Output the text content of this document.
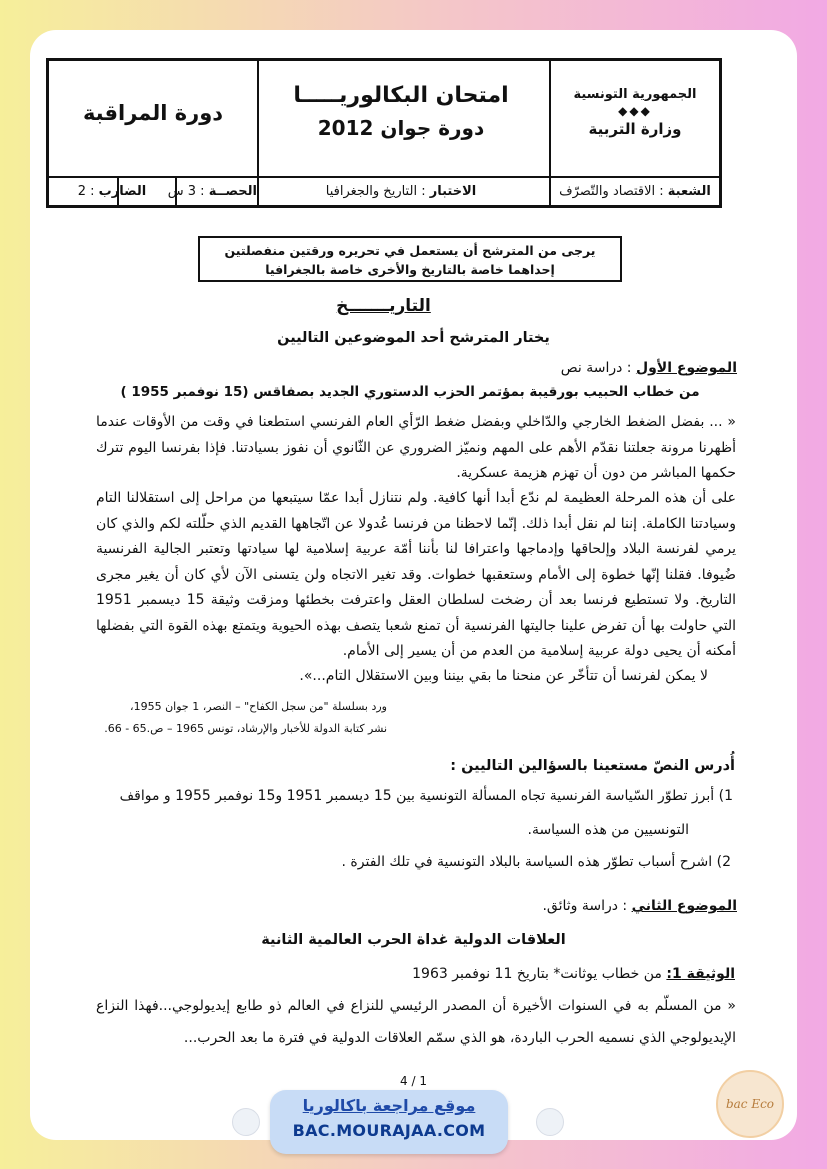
الجمهورية التونسية
◆◆◆
وزارة التربية
امتحان البكالوريـــــا
دورة جوان 2012
دورة المراقبة
الشعبة : الاقتصاد والتّصرّف
الاختبار : التاريخ والجغرافيا
الحصــة : 3 س
الضارب : 2
يرجى من المترشح أن يستعمل في تحريره ورقتين منفصلتين
إحداهما خاصة بالتاريخ والأخرى خاصة بالجغرافيا
التاريـــــــخ
يختار المترشح أحد الموضوعين التاليين
الموضوع الأول : دراسة نص
من خطاب الحبيب بورقيبة بمؤتمر الحزب الدستوري الجديد بصفاقس (15 نوفمبر 1955 )
« ... بفضل الضغط الخارجي والدّاخلي وبفضل ضغط الرّأي العام الفرنسي استطعنا في وقت من الأوقات عندما أظهرنا مرونة جعلتنا نقدّم الأهم على المهم ونميّز الضروري عن الثّانوي أن نفوز بسيادتنا. فإذا بفرنسا اليوم تترك حكمها المباشر من دون أن تهزم هزيمة عسكرية.
على أن هذه المرحلة العظيمة لم ندّع أبدا أنها كافية. ولم نتنازل أبدا عمّا سيتبعها من مراحل إلى استقلالنا التام وسيادتنا الكاملة. إننا لم نقل أبدا ذلك. إنّما لاحظنا من فرنسا عُدولا عن اتّجاهها القديم الذي حلّلته لكم والذي كان يرمي لفرنسة البلاد وإلحاقها وإدماجها واعترافا لنا بأننا أمّة عربية إسلامية لها سيادتها وتعتبر الجالية الفرنسية ضُيوفا. فقلنا إنّها خطوة إلى الأمام وستعقبها خطوات. وقد تغير الاتجاه ولن يتسنى الآن لأي كان أن يغير مجرى التاريخ. ولا تستطيع فرنسا بعد أن رضخت لسلطان العقل واعترفت بخطئها ومزقت وثيقة 15 ديسمبر 1951 التي حاولت بها أن تفرض علينا جاليتها الفرنسية أن تمنع شعبا يتصف بهذه الحيوية ويتمتع بهذه القوة التي بفضلها أمكنه أن يحيى دولة عربية إسلامية من العدم من أن يسير إلى الأمام.
لا يمكن لفرنسا أن تتأخّر عن منحنا ما بقي بيننا وبين الاستقلال التام...».
ورد بسلسلة "من سجل الكفاح" – النصر، 1 جوان 1955،
نشر كتابة الدولة للأخبار والإرشاد، تونس 1965 – ص.65 - 66.
أُدرس النصّ مستعينا بالسؤالين التاليين :
1) أبرز تطوّر السّياسة الفرنسية تجاه المسألة التونسية بين 15 ديسمبر 1951 و15 نوفمبر 1955 و مواقف
التونسيين من هذه السياسة.
2) اشرح أسباب تطوّر هذه السياسة بالبلاد التونسية في تلك الفترة .
الموضوع الثاني : دراسة وثائق.
العلاقات الدولية غداة الحرب العالمية الثانية
الوثيقة 1: من خطاب يوثانت* بتاريخ 11 نوفمبر 1963
« من المسلّم به في السنوات الأخيرة أن المصدر الرئيسي للنزاع في العالم ذو طابع إيديولوجي...فهذا النزاع
الإيديولوجي الذي نسميه الحرب الباردة، هو الذي سمّم العلاقات الدولية في فترة ما بعد الحرب...
4 / 1
موقع مراجعة باكالوريا
BAC.MOURAJAA.COM
bac Eco
